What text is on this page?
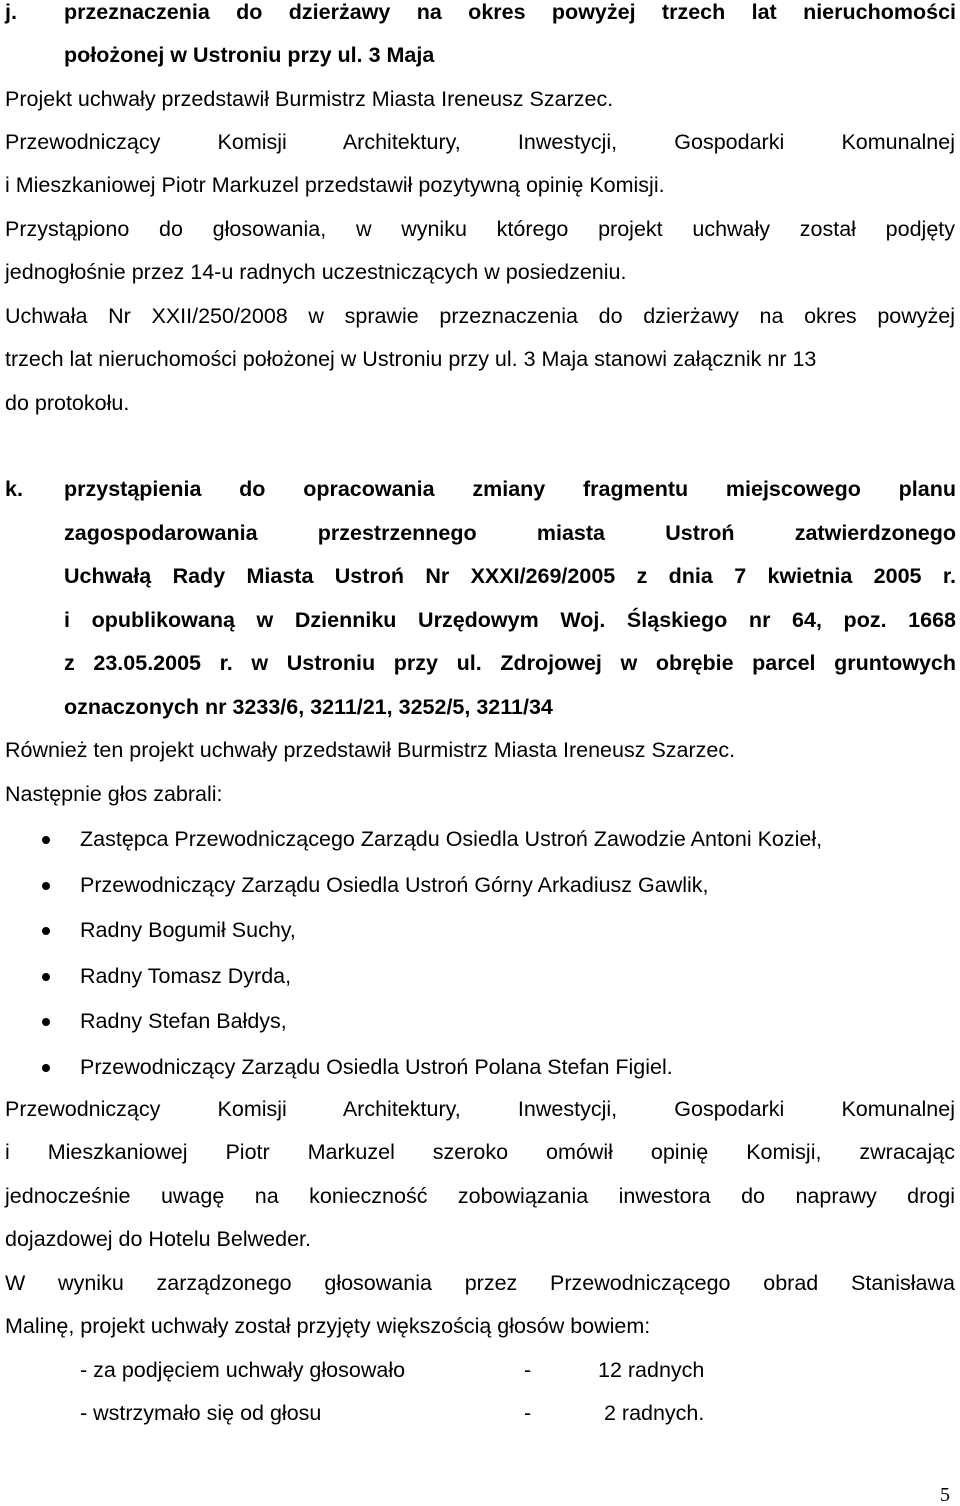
j. przeznaczenia do dzierżawy na okres powyżej trzech lat nieruchomości
położonej w Ustroniu przy ul. 3 Maja
Projekt uchwały przedstawił Burmistrz Miasta Ireneusz Szarzec.
Przewodniczący Komisji Architektury, Inwestycji, Gospodarki Komunalnej
i Mieszkaniowej Piotr Markuzel przedstawił pozytywną opinię Komisji.
Przystąpiono do głosowania, w wyniku którego projekt uchwały został podjęty
jednogłośnie przez 14-u radnych uczestniczących w posiedzeniu.
Uchwała Nr XXII/250/2008 w sprawie przeznaczenia do dzierżawy na okres powyżej
trzech lat nieruchomości położonej w Ustroniu przy ul. 3 Maja stanowi załącznik nr 13
do protokołu.
k. przystąpienia do opracowania zmiany fragmentu miejscowego planu
zagospodarowania przestrzennego miasta Ustroń zatwierdzonego
Uchwałą Rady Miasta Ustroń Nr XXXI/269/2005 z dnia 7 kwietnia 2005 r.
i opublikowaną w Dzienniku Urzędowym Woj. Śląskiego nr 64, poz. 1668
z 23.05.2005 r. w Ustroniu przy ul. Zdrojowej w obrębie parcel gruntowych
oznaczonych nr 3233/6, 3211/21, 3252/5, 3211/34
Również ten projekt uchwały przedstawił Burmistrz Miasta Ireneusz Szarzec.
Następnie głos zabrali:
Zastępca Przewodniczącego Zarządu Osiedla Ustroń Zawodzie Antoni Kozieł,
Przewodniczący Zarządu Osiedla Ustroń Górny Arkadiusz Gawlik,
Radny Bogumił Suchy,
Radny Tomasz Dyrda,
Radny Stefan Bałdys,
Przewodniczący Zarządu Osiedla Ustroń Polana Stefan Figiel.
Przewodniczący Komisji Architektury, Inwestycji, Gospodarki Komunalnej
i Mieszkaniowej Piotr Markuzel szeroko omówił opinię Komisji, zwracając
jednocześnie uwagę na konieczność zobowiązania inwestora do naprawy drogi
dojazdowej do Hotelu Belweder.
W wyniku zarządzonego głosowania przez Przewodniczącego obrad Stanisława
Malinę, projekt uchwały został przyjęty większością głosów bowiem:
- za podjęciem uchwały głosowało	-	12 radnych
- wstrzymało się od głosu	-	2 radnych.
5
